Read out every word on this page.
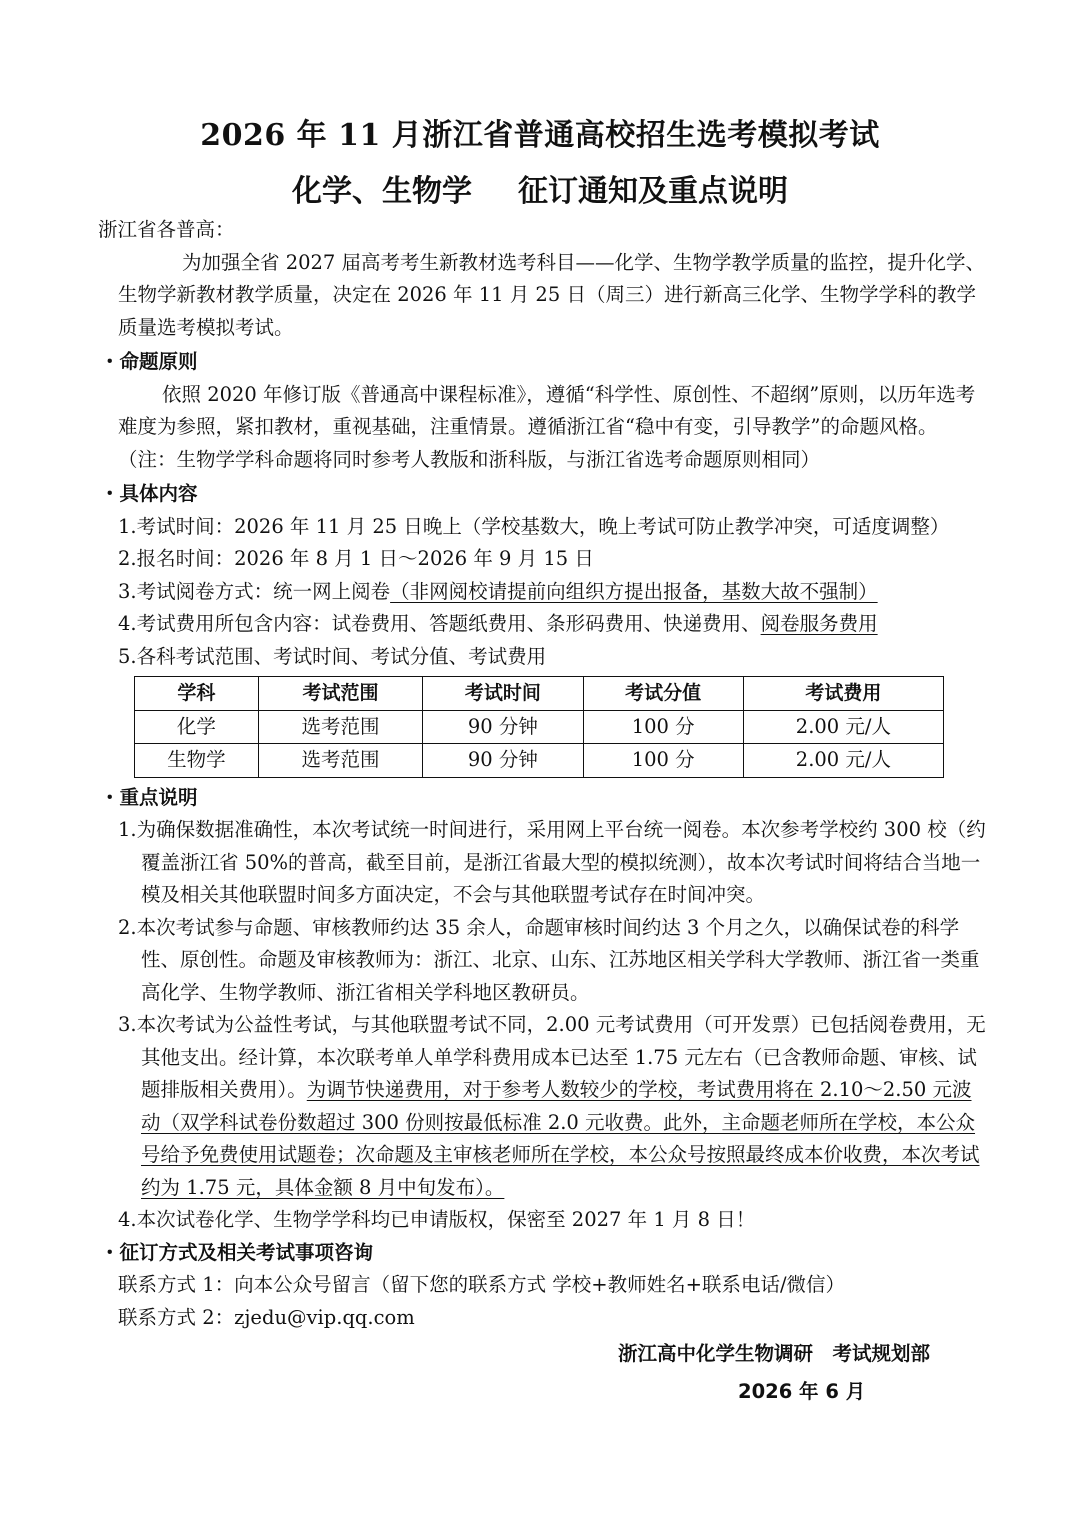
2026 年 11 月浙江省普通高校招生选考模拟考试
化学、生物学 征订通知及重点说明

浙江省各普高：

为加强全省 2027 届高考考生新教材选考科目——化学、生物学教学质量的监控，提升化学、生物学新教材教学质量，决定在 2026 年 11 月 25 日（周三）进行新高三化学、生物学学科的教学质量选考模拟考试。

・命题原则

依照 2020 年修订版《普通高中课程标准》，遵循“科学性、原创性、不超纲”原则，以历年选考难度为参照，紧扣教材，重视基础，注重情景。遵循浙江省“稳中有变，引导教学”的命题风格。（注：生物学学科命题将同时参考人教版和浙科版，与浙江省选考命题原则相同）

・具体内容

1.考试时间：2026 年 11 月 25 日晚上（学校基数大，晚上考试可防止教学冲突，可适度调整）

2.报名时间：2026 年 8 月 1 日～2026 年 9 月 15 日

3.考试阅卷方式：统一网上阅卷（非网阅校请提前向组织方提出报备，基数大故不强制）

4.考试费用所包含内容：试卷费用、答题纸费用、条形码费用、快递费用、阅卷服务费用

5.各科考试范围、考试时间、考试分值、考试费用

学科	考试范围	考试时间	考试分值	考试费用
化学	选考范围	90 分钟	100 分	2.00 元/人
生物学	选考范围	90 分钟	100 分	2.00 元/人

・重点说明

1.为确保数据准确性，本次考试统一时间进行，采用网上平台统一阅卷。本次参考学校约 300 校（约覆盖浙江省 50%的普高，截至目前，是浙江省最大型的模拟统测），故本次考试时间将结合当地一模及相关其他联盟时间多方面决定，不会与其他联盟考试存在时间冲突。

2.本次考试参与命题、审核教师约达 35 余人，命题审核时间约达 3 个月之久，以确保试卷的科学性、原创性。命题及审核教师为：浙江、北京、山东、江苏地区相关学科大学教师、浙江省一类重高化学、生物学教师、浙江省相关学科地区教研员。

3.本次考试为公益性考试，与其他联盟考试不同，2.00 元考试费用（可开发票）已包括阅卷费用，无其他支出。经计算，本次联考单人单学科费用成本已达至 1.75 元左右（已含教师命题、审核、试题排版相关费用）。为调节快递费用，对于参考人数较少的学校，考试费用将在 2.10～2.50 元波动（双学科试卷份数超过 300 份则按最低标准 2.0 元收费。此外，主命题老师所在学校，本公众号给予免费使用试题卷；次命题及主审核老师所在学校，本公众号按照最终成本价收费，本次考试约为 1.75 元，具体金额 8 月中旬发布）。

4.本次试卷化学、生物学学科均已申请版权，保密至 2027 年 1 月 8 日！

・征订方式及相关考试事项咨询

联系方式 1：向本公众号留言（留下您的联系方式 学校+教师姓名+联系电话/微信）

联系方式 2：zjedu@vip.qq.com

浙江高中化学生物调研　考试规划部
2026 年 6 月
